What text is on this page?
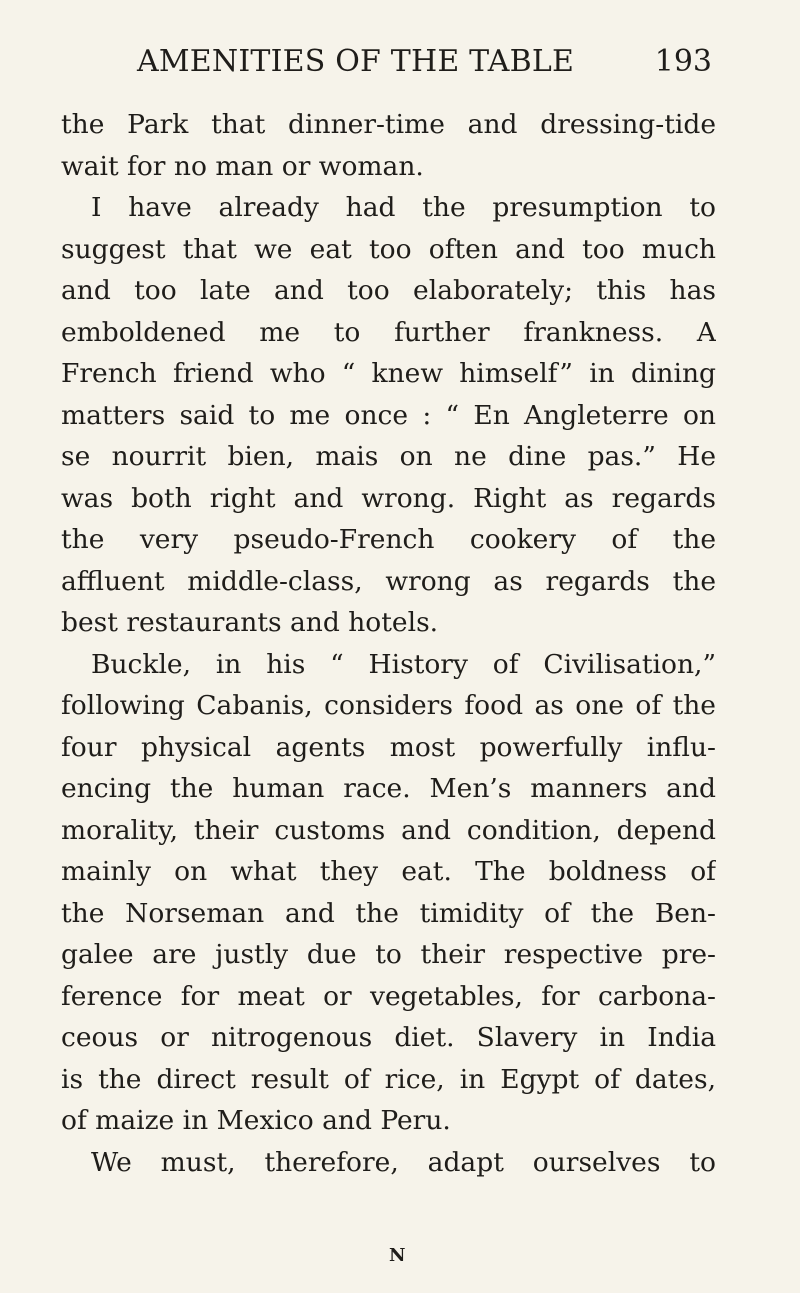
AMENITIES OF THE TABLE	193
the Park that dinner-time and dressing-tide
wait for no man or woman.
I have already had the presumption to
suggest that we eat too often and too much
and too late and too elaborately; this has
emboldened me to further frankness. A
French friend who “ knew himself” in dining
matters said to me once : “ En Angleterre on
se nourrit bien, mais on ne dine pas.” He
was both right and wrong. Right as regards
the very pseudo-French cookery of the
affluent middle-class, wrong as regards the
best restaurants and hotels.
Buckle, in his “ History of Civilisation,”
following Cabanis, considers food as one of the
four physical agents most powerfully influ-
encing the human race. Men’s manners and
morality, their customs and condition, depend
mainly on what they eat. The boldness of
the Norseman and the timidity of the Ben-
galee are justly due to their respective pre-
ference for meat or vegetables, for carbona-
ceous or nitrogenous diet. Slavery in India
is the direct result of rice, in Egypt of dates,
of maize in Mexico and Peru.
We must, therefore, adapt ourselves to
N
